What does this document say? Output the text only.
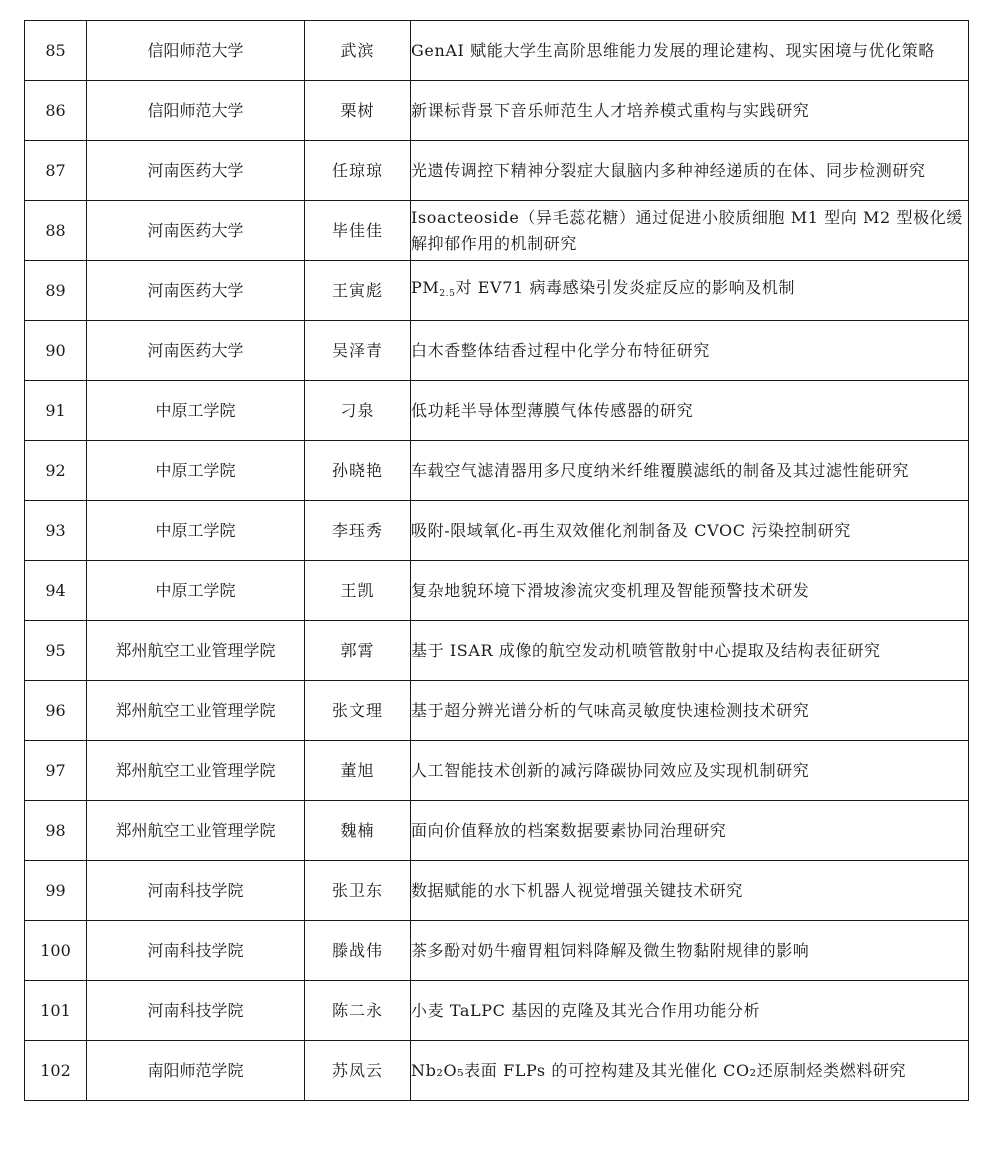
85	信阳师范大学	武滨	GenAI 赋能大学生高阶思维能力发展的理论建构、现实困境与优化策略
86	信阳师范大学	栗树	新课标背景下音乐师范生人才培养模式重构与实践研究
87	河南医药大学	任琼琼	光遗传调控下精神分裂症大鼠脑内多种神经递质的在体、同步检测研究
88	河南医药大学	毕佳佳	Isoacteoside（异毛蕊花糖）通过促进小胶质细胞 M1 型向 M2 型极化缓解抑郁作用的机制研究
89	河南医药大学	王寅彪	$PM_{2.5}$对 EV71 病毒感染引发炎症反应的影响及机制
90	河南医药大学	吴泽青	白木香整体结香过程中化学分布特征研究
91	中原工学院	刁泉	低功耗半导体型薄膜气体传感器的研究
92	中原工学院	孙晓艳	车载空气滤清器用多尺度纳米纤维覆膜滤纸的制备及其过滤性能研究
93	中原工学院	李珏秀	吸附-限域氧化-再生双效催化剂制备及 CVOC 污染控制研究
94	中原工学院	王凯	复杂地貌环境下滑坡渗流灾变机理及智能预警技术研发
95	郑州航空工业管理学院	郭霄	基于 ISAR 成像的航空发动机喷管散射中心提取及结构表征研究
96	郑州航空工业管理学院	张文理	基于超分辨光谱分析的气味高灵敏度快速检测技术研究
97	郑州航空工业管理学院	董旭	人工智能技术创新的减污降碳协同效应及实现机制研究
98	郑州航空工业管理学院	魏楠	面向价值释放的档案数据要素协同治理研究
99	河南科技学院	张卫东	数据赋能的水下机器人视觉增强关键技术研究
100	河南科技学院	滕战伟	茶多酚对奶牛瘤胃粗饲料降解及微生物黏附规律的影响
101	河南科技学院	陈二永	小麦 TaLPC 基因的克隆及其光合作用功能分析
102	南阳师范学院	苏凤云	Nb₂O₅表面 FLPs 的可控构建及其光催化 CO₂还原制烃类燃料研究
